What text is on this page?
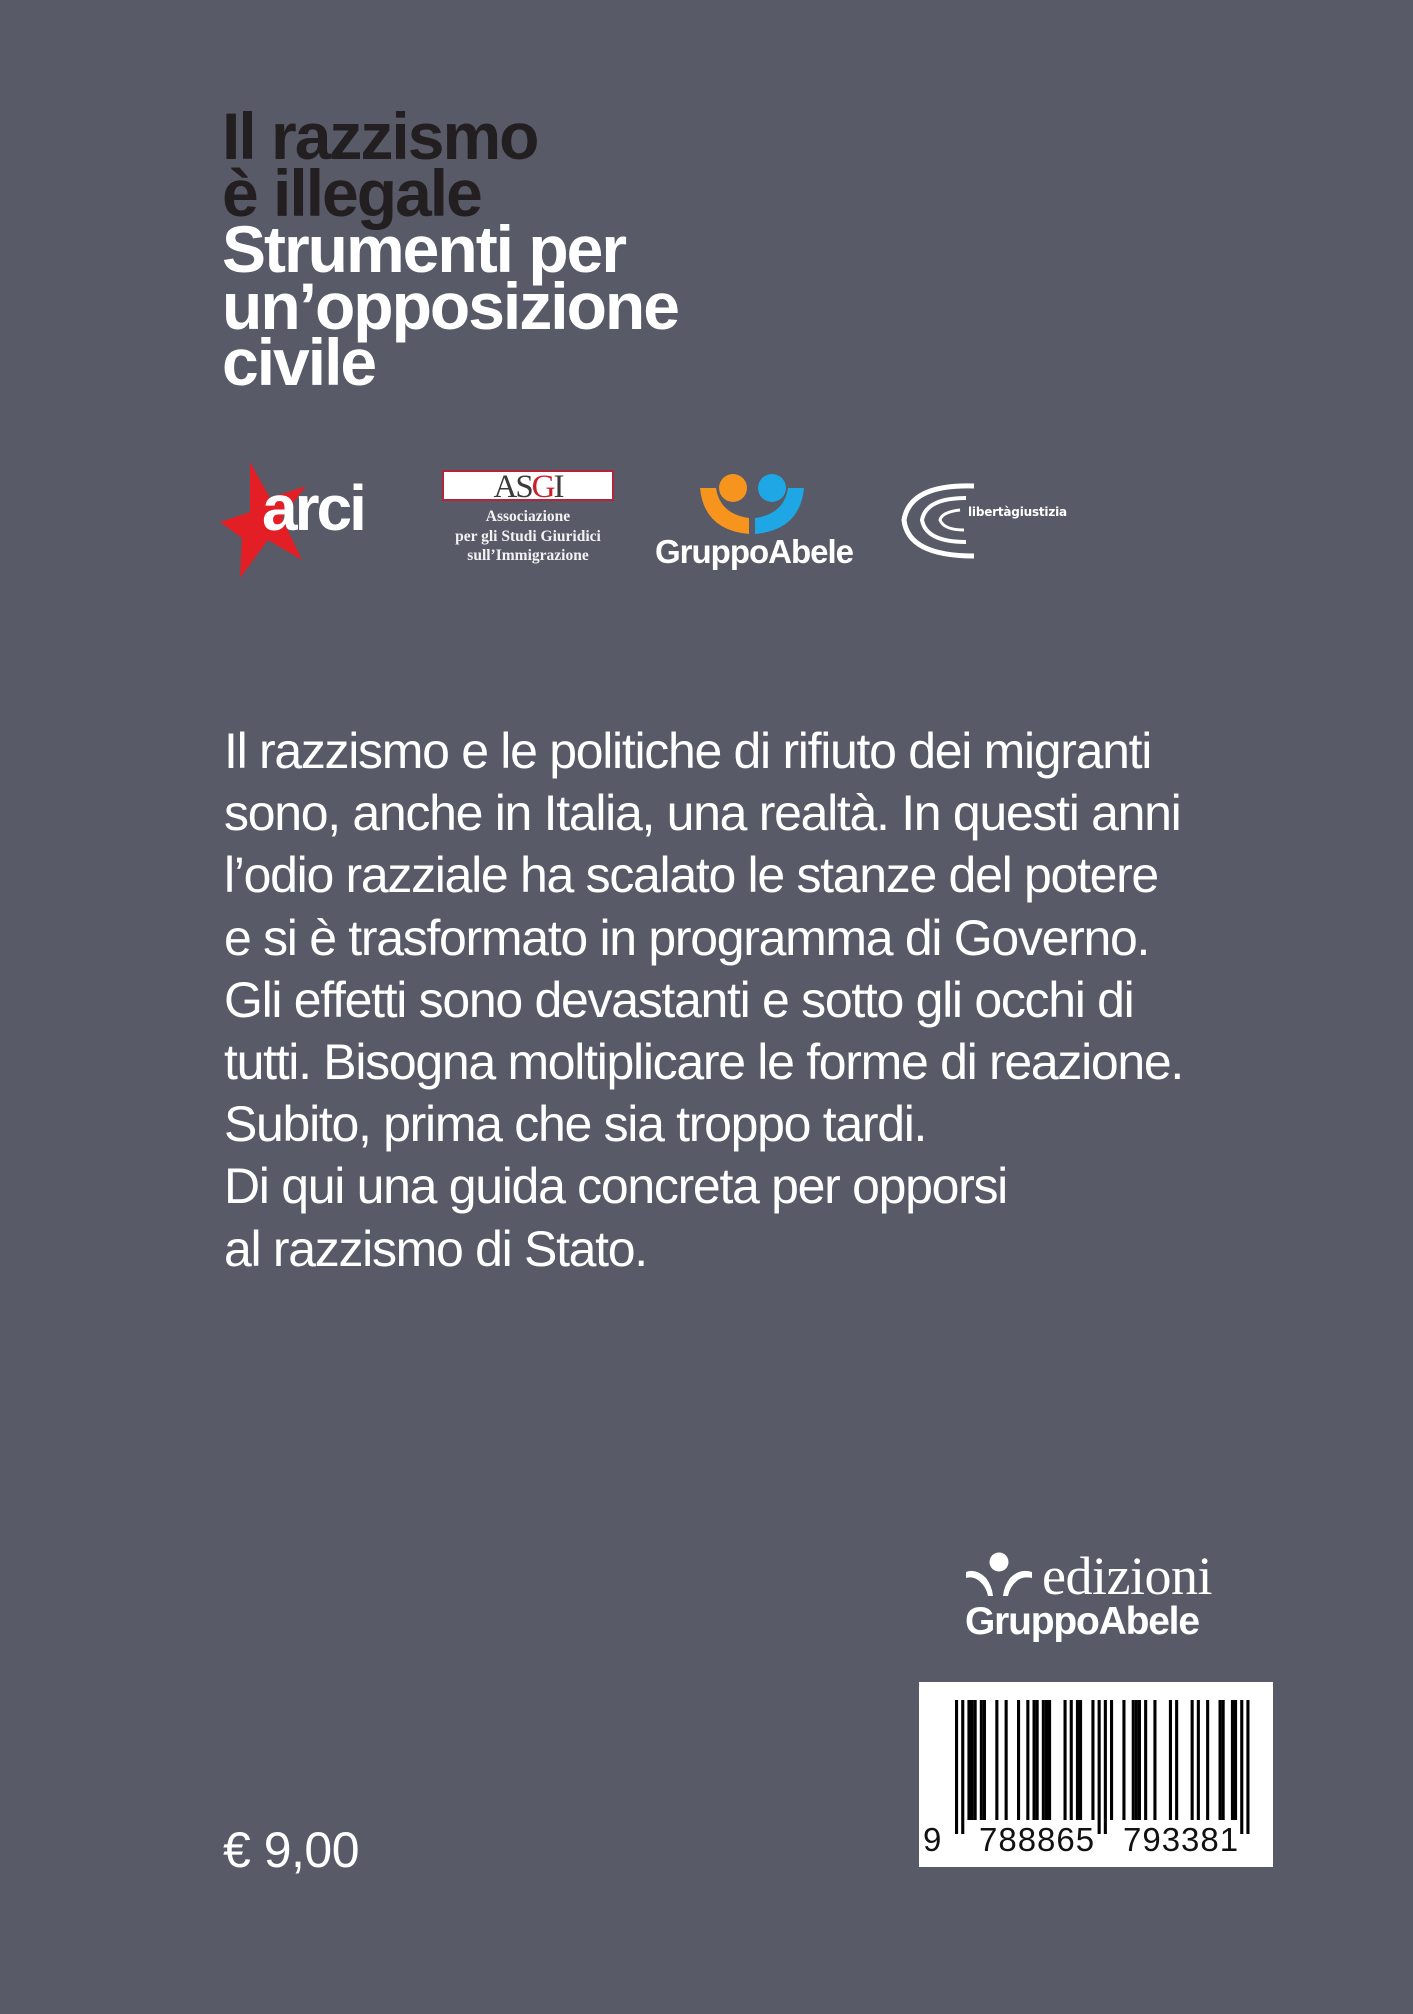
Il razzismo
è illegale
Strumenti per
un’opposizione
civile
arci	ASGI
Associazione
per gli Studi Giuridici
sull’Immigrazione	GruppoAbele
libertàgiustizia

Il razzismo e le politiche di rifiuto dei migranti
sono, anche in Italia, una realtà. In questi anni
l’odio razziale ha scalato le stanze del potere
e si è trasformato in programma di Governo.
Gli effetti sono devastanti e sotto gli occhi di
tutti. Bisogna moltiplicare le forme di reazione.
Subito, prima che sia troppo tardi.
Di qui una guida concreta per opporsi
al razzismo di Stato.

edizioni
GruppoAbele
9 788865 793381
€ 9,00
